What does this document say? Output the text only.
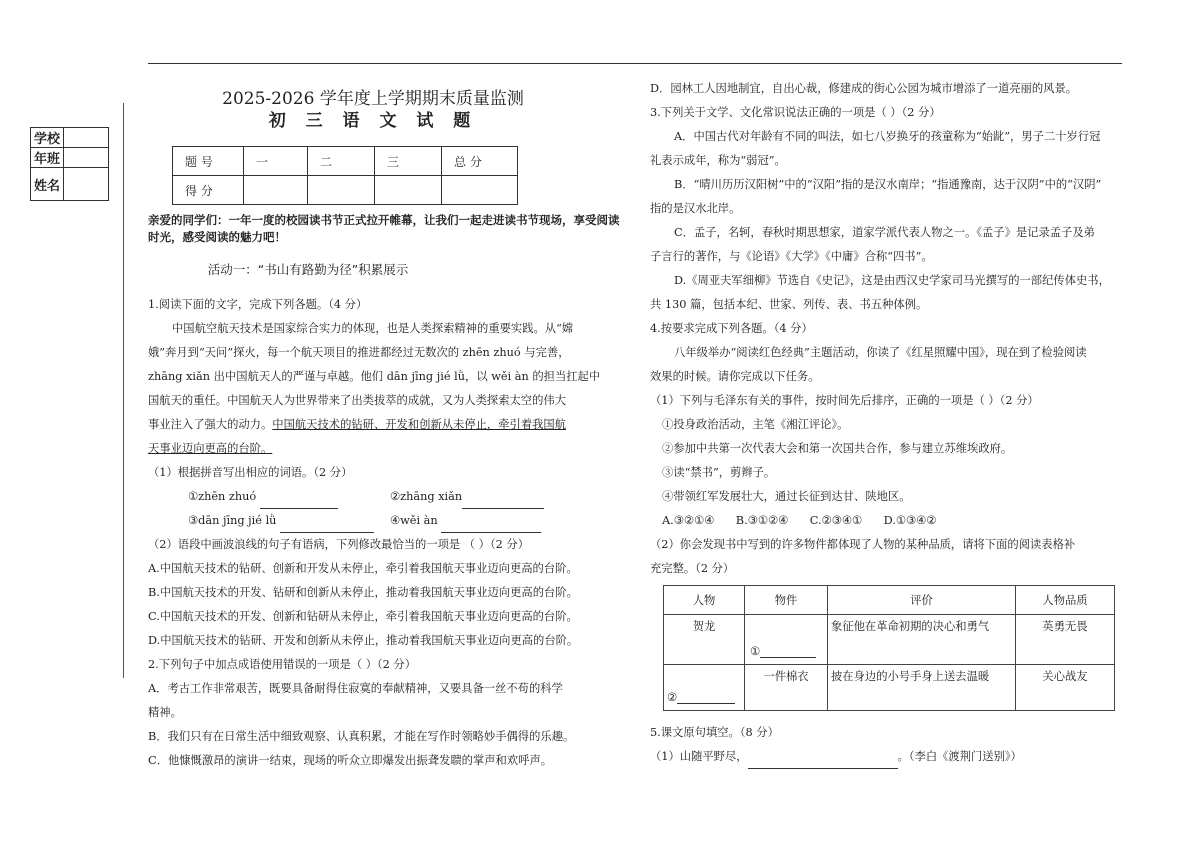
学校	
年班	
姓名	
2025-2026 学年度上学期期末质量监测
初 三 语 文 试 题
题 号	一	二	三	总 分
得 分				
亲爱的同学们：一年一度的校园读书节正式拉开帷幕，让我们一起走进读书节现场，享受阅读时光，感受阅读的魅力吧！
活动一：“书山有路勤为径”积累展示

1.阅读下面的文字，完成下列各题。（4 分）

中国航空航天技术是国家综合实力的体现，也是人类探索精神的重要实践。从“嫦

娥”奔月到“天问”探火，每一个航天项目的推进都经过无数次的 zhēn zhuó 与完善，

zhāng xiǎn 出中国航天人的严谨与卓越。他们 dān jīng jié lǜ，以 wěi àn 的担当扛起中

国航天的重任。中国航天人为世界带来了出类拔萃的成就，又为人类探索太空的伟大

事业注入了强大的动力。中国航天技术的钻研、开发和创新从未停止，牵引着我国航

天事业迈向更高的台阶。

（1）根据拼音写出相应的词语。（2 分）

①zhēn zhuó	②zhāng xiǎn
③dān jīng jié lǜ	④wěi àn

（2）语段中画波浪线的句子有语病，下列修改最恰当的一项是 （ ）（2 分）

A.中国航天技术的钻研、创新和开发从未停止，牵引着我国航天事业迈向更高的台阶。

B.中国航天技术的开发、钻研和创新从未停止，推动着我国航天事业迈向更高的台阶。

C.中国航天技术的开发、创新和钻研从未停止，牵引着我国航天事业迈向更高的台阶。

D.中国航天技术的钻研、开发和创新从未停止，推动着我国航天事业迈向更高的台阶。

2.下列句子中加点成语使用错误的一项是（ ）（2 分）

A．考古工作非常艰苦，既要具备耐得住寂寞的奉献精神，又要具备一丝不苟的科学

精神。

B．我们只有在日常生活中细致观察、认真积累，才能在写作时领略妙手偶得的乐趣。

C．他慷慨激昂的演讲一结束，现场的听众立即爆发出振聋发聩的掌声和欢呼声。

D．园林工人因地制宜，自出心裁，修建成的街心公园为城市增添了一道亮丽的风景。

3.下列关于文学、文化常识说法正确的一项是（ ）（2 分）

A．中国古代对年龄有不同的叫法，如七八岁换牙的孩童称为“始龀”，男子二十岁行冠

礼表示成年，称为“弱冠”。

B．“晴川历历汉阳树”中的“汉阳”指的是汉水南岸；“指通豫南，达于汉阴”中的“汉阴”

指的是汉水北岸。

C．孟子，名轲，春秋时期思想家，道家学派代表人物之一。《孟子》是记录孟子及弟

子言行的著作，与《论语》《大学》《中庸》合称“四书”。

D.《周亚夫军细柳》节选自《史记》，这是由西汉史学家司马光撰写的一部纪传体史书，

共 130 篇，包括本纪、世家、列传、表、书五种体例。

4.按要求完成下列各题。（4 分）

八年级举办“阅读红色经典”主题活动，你读了《红星照耀中国》，现在到了检验阅读

效果的时候。请你完成以下任务。

（1）下列与毛泽东有关的事件，按时间先后排序，正确的一项是（ ）（2 分）

①投身政治活动，主笔《湘江评论》。

②参加中共第一次代表大会和第一次国共合作，参与建立苏维埃政府。

③读“禁书”，剪辫子。

④带领红军发展壮大，通过长征到达甘、陕地区。

A.③②①④      B.③①②④      C.②③④①      D.①③④②

（2）你会发现书中写到的许多物件都体现了人物的某种品质，请将下面的阅读表格补

充完整。（2 分）

人物	物件	评价	人物品质
贺龙	①	象征他在革命初期的决心和勇气	英勇无畏
②	一件棉衣	披在身边的小号手身上送去温暖	关心战友

5.课文原句填空。（8 分）

（1）山随平野尽，	。（李白《渡荆门送别》）
